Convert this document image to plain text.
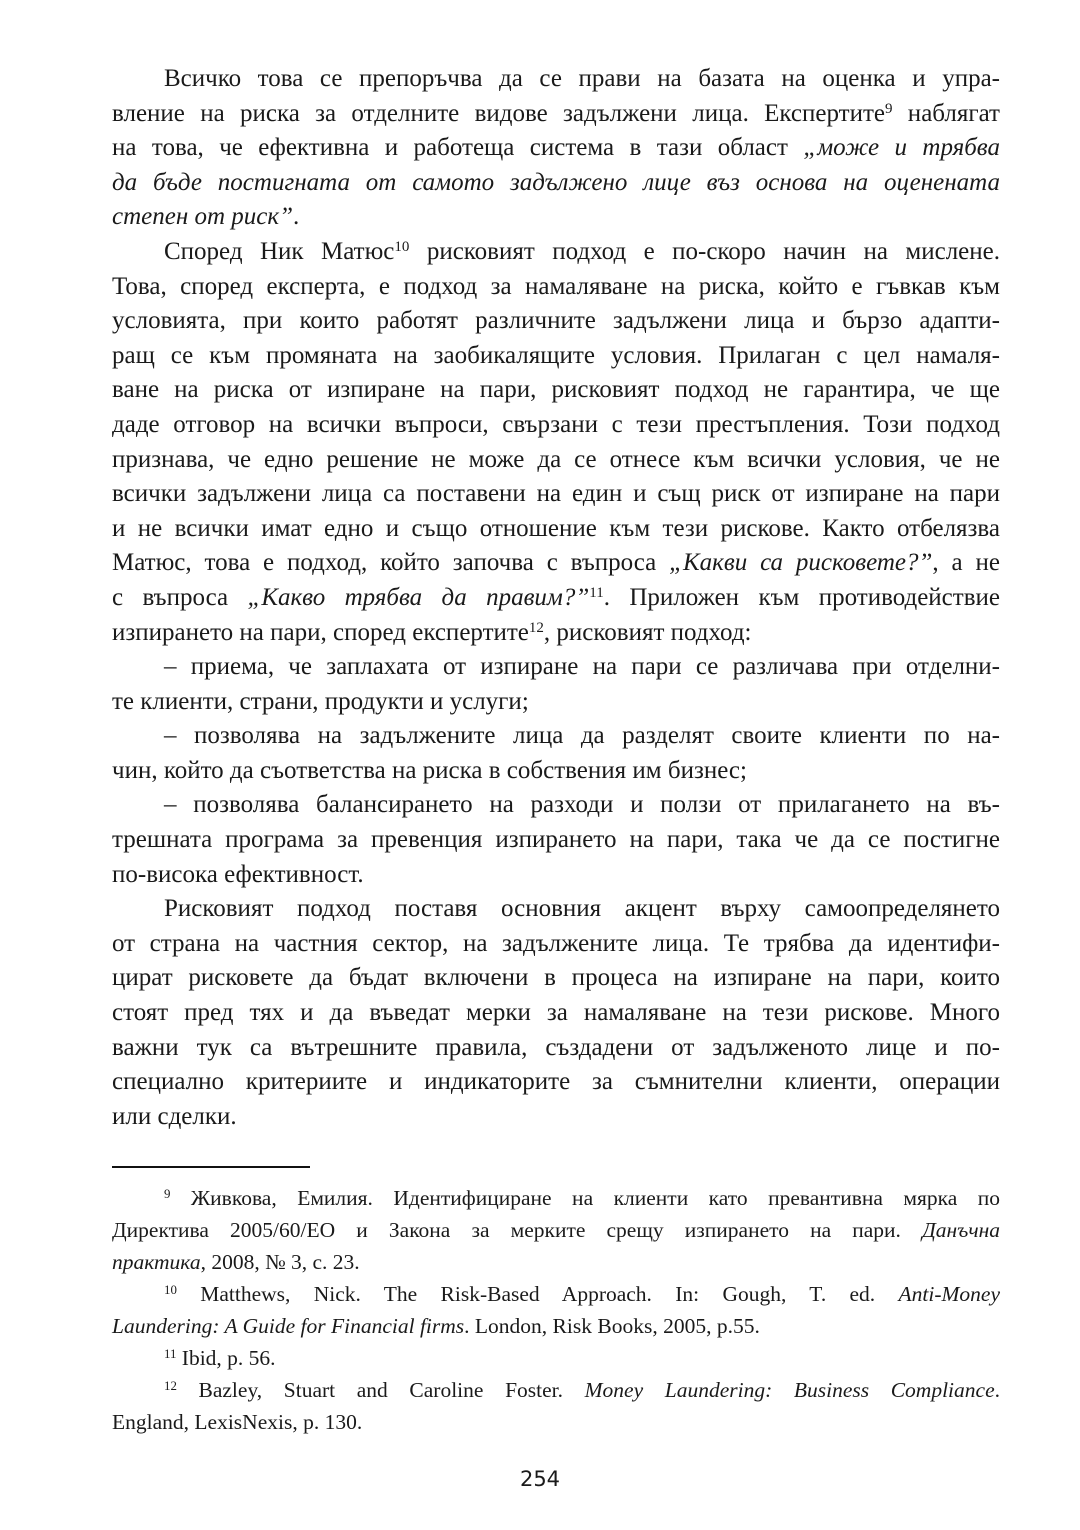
Всичко това се препоръчва да се прави на базата на оценка и упра-
вление на риска за отделните видове задължени лица. Експертите$^9$ наблягат
на това, че ефективна и работеща система в тази област „може и трябва
да бъде постигната от самото задължено лице въз основа на оценената
степен от риск”.
Според Ник Матюс$^{10}$ рисковият подход е по-скоро начин на мислене.
Това, според експерта, е подход за намаляване на риска, който е гъвкав към
условията, при които работят различните задължени лица и бързо адапти-
ращ се към промяната на заобикалящите условия. Прилаган с цел намаля-
ване на риска от изпиране на пари, рисковият подход не гарантира, че ще
даде отговор на всички въпроси, свързани с тези престъпления. Този подход
признава, че едно решение не може да се отнесе към всички условия, че не
всички задължени лица са поставени на един и същ риск от изпиране на пари
и не всички имат едно и също отношение към тези рискове. Както отбелязва
Матюс, това е подход, който започва с въпроса „Какви са рисковете?”, а не
с въпроса „Какво трябва да правим?”$^{11}$. Приложен към противодействие
изпирането на пари, според експертите$^{12}$, рисковият подход:
– приема, че заплахата от изпиране на пари се различава при отделни-
те клиенти, страни, продукти и услуги;
– позволява на задължените лица да разделят своите клиенти по на-
чин, който да съответства на риска в собствения им бизнес;
– позволява балансирането на разходи и ползи от прилагането на въ-
трешната програма за превенция изпирането на пари, така че да се постигне
по-висока ефективност.
Рисковият подход поставя основния акцент върху самоопределянето
от страна на частния сектор, на задължените лица. Те трябва да идентифи-
цират рисковете да бъдат включени в процеса на изпиране на пари, които
стоят пред тях и да въведат мерки за намаляване на тези рискове. Много
важни тук са вътрешните правила, създадени от задълженото лице и по-
специално критериите и индикаторите за съмнителни клиенти, операции
или сделки.
$^9$ Живкова, Емилия. Идентифициране на клиенти като превантивна мярка по
Директива 2005/60/ЕО и Закона за мерките срещу изпирането на пари. Данъчна
практика, 2008, № 3, с. 23.
$^{10}$ Matthews, Nick. The Risk-Based Approach. In: Gough, T. ed. Anti-Money
Laundering: A Guide for Financial firms. London, Risk Books, 2005, p.55.
$^{11}$ Ibid, p. 56.
$^{12}$ Bazley, Stuart and Caroline Foster. Money Laundering: Business Compliance.
England, LexisNexis, p. 130.
254
